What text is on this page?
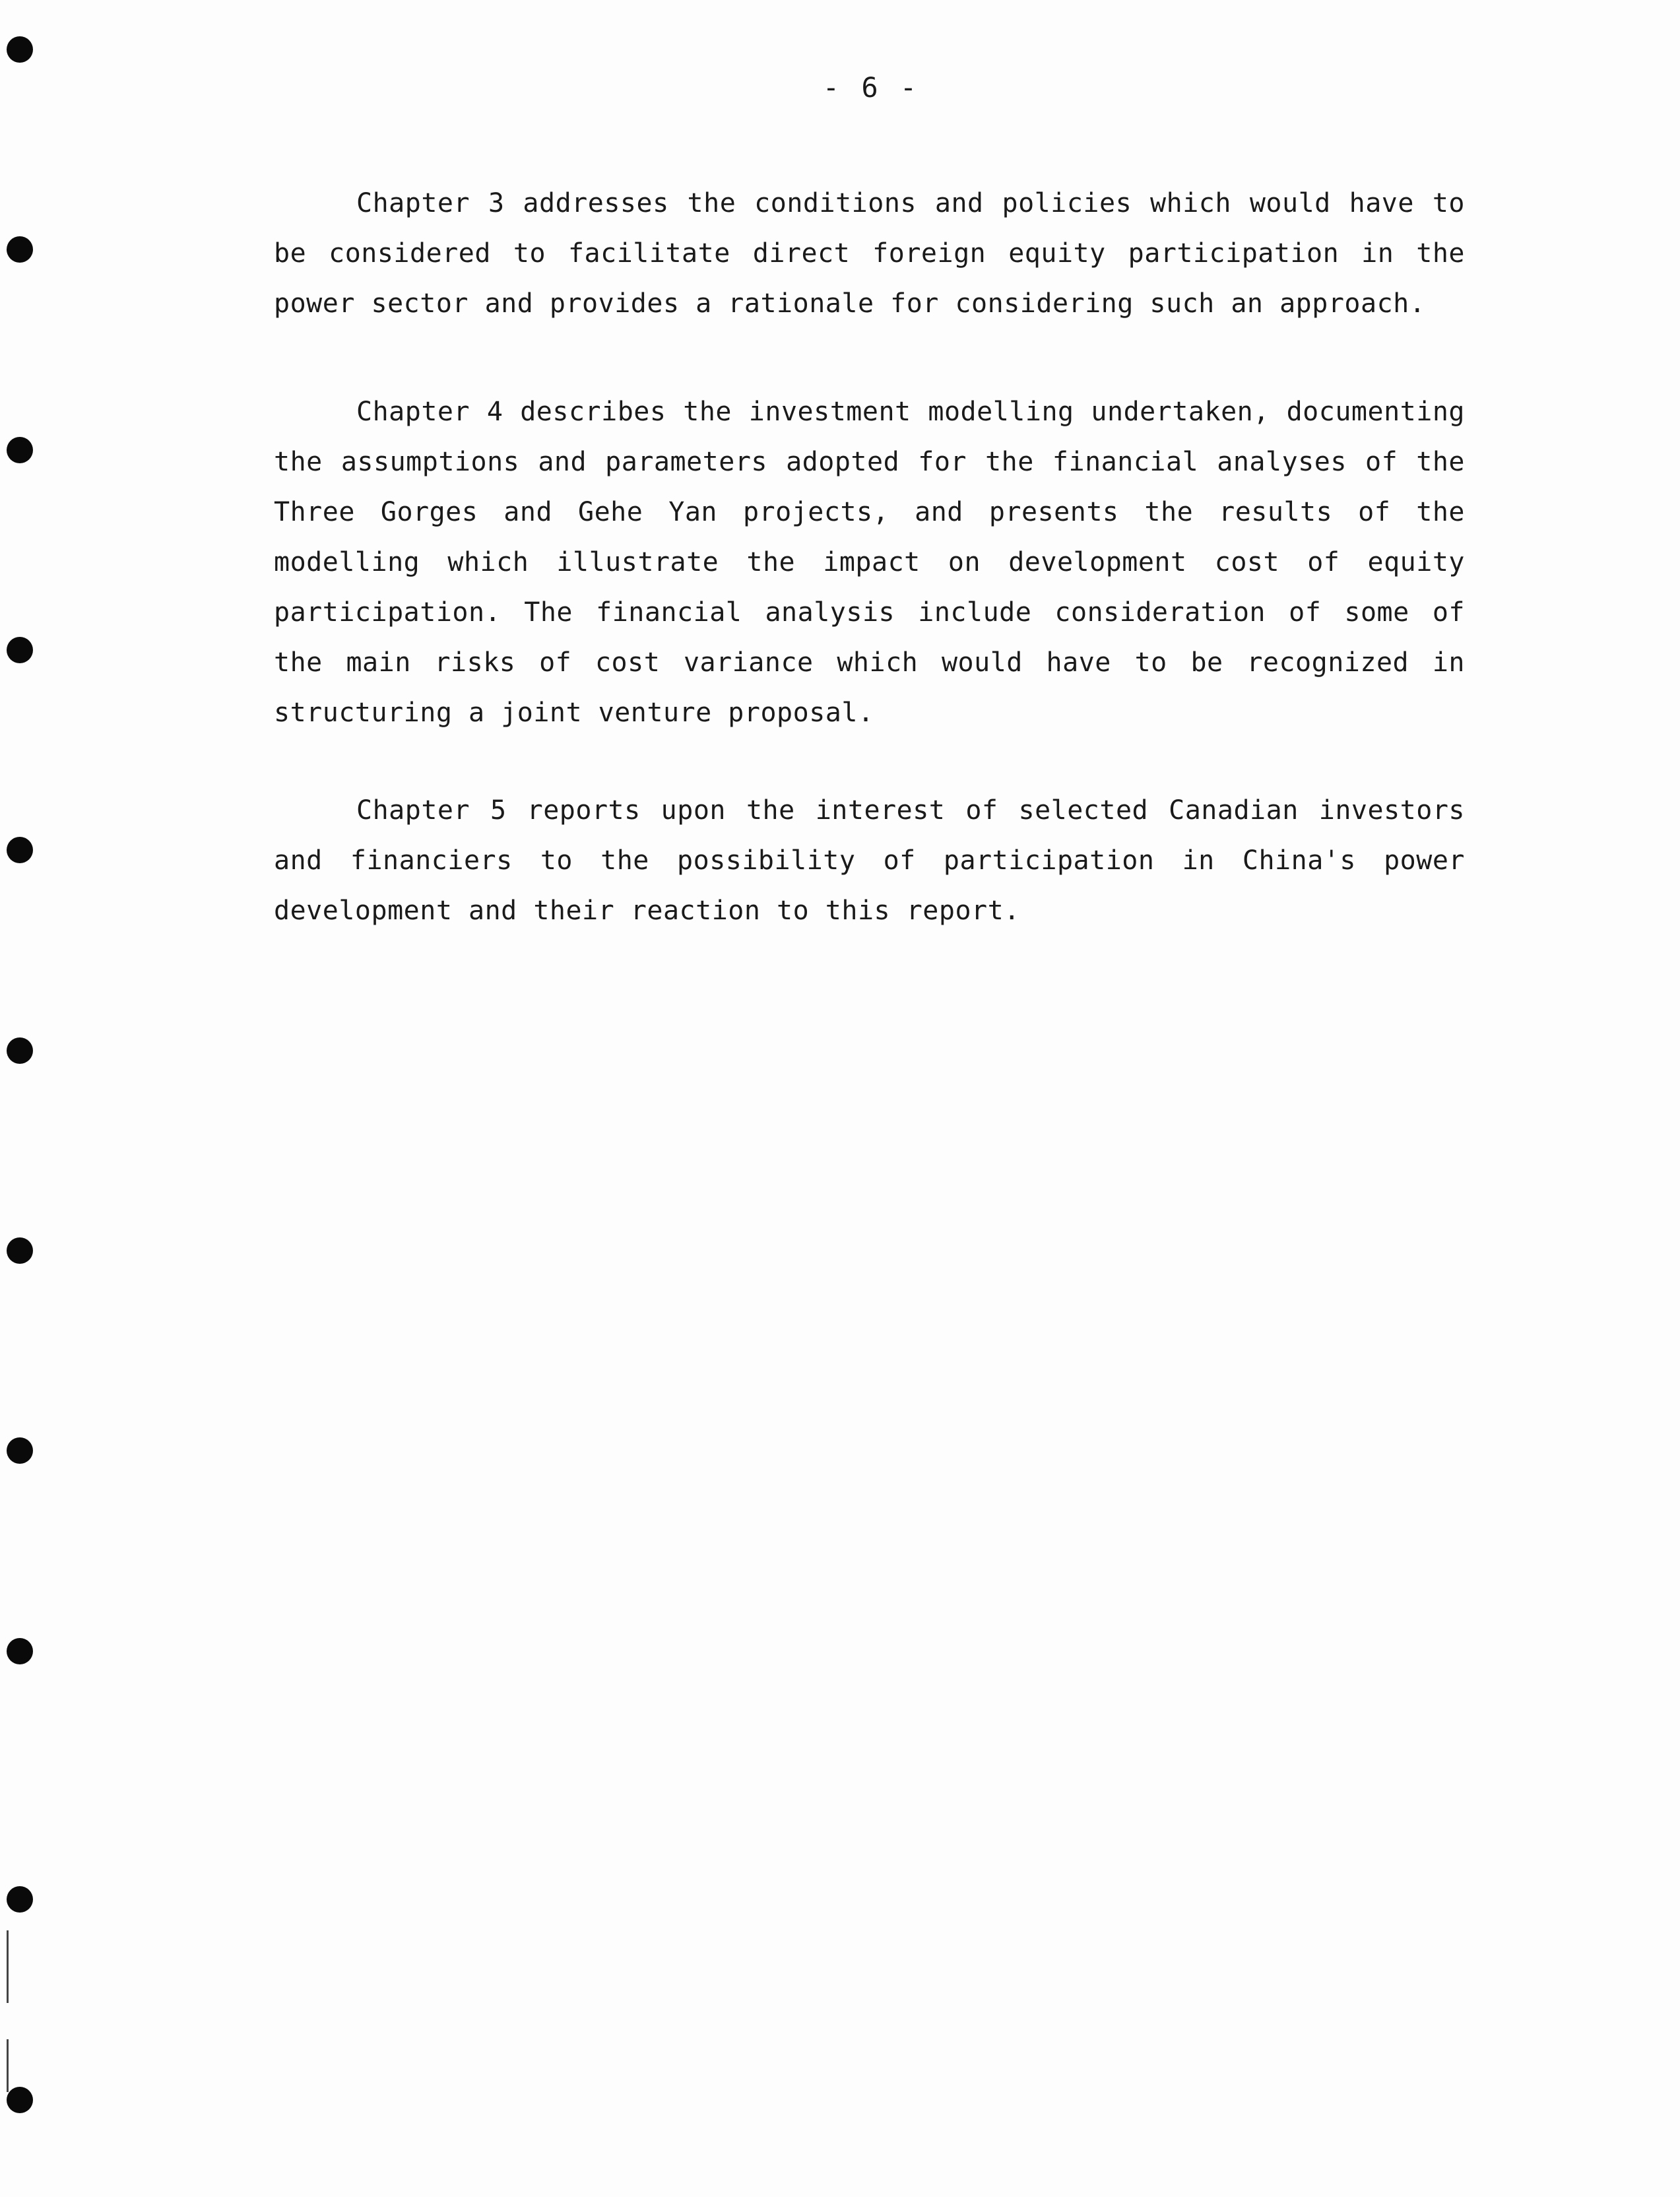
- 6 -

Chapter 3 addresses the conditions and policies which would have to be considered to facilitate direct foreign equity participation in the power sector and provides a rationale for considering such an approach.

Chapter 4 describes the investment modelling undertaken, documenting the assumptions and parameters adopted for the financial analyses of the Three Gorges and Gehe Yan projects, and presents the results of the modelling which illustrate the impact on development cost of equity participation. The financial analysis include consideration of some of the main risks of cost variance which would have to be recognized in structuring a joint venture proposal.

Chapter 5 reports upon the interest of selected Canadian investors and financiers to the possibility of participation in China's power development and their reaction to this report.
